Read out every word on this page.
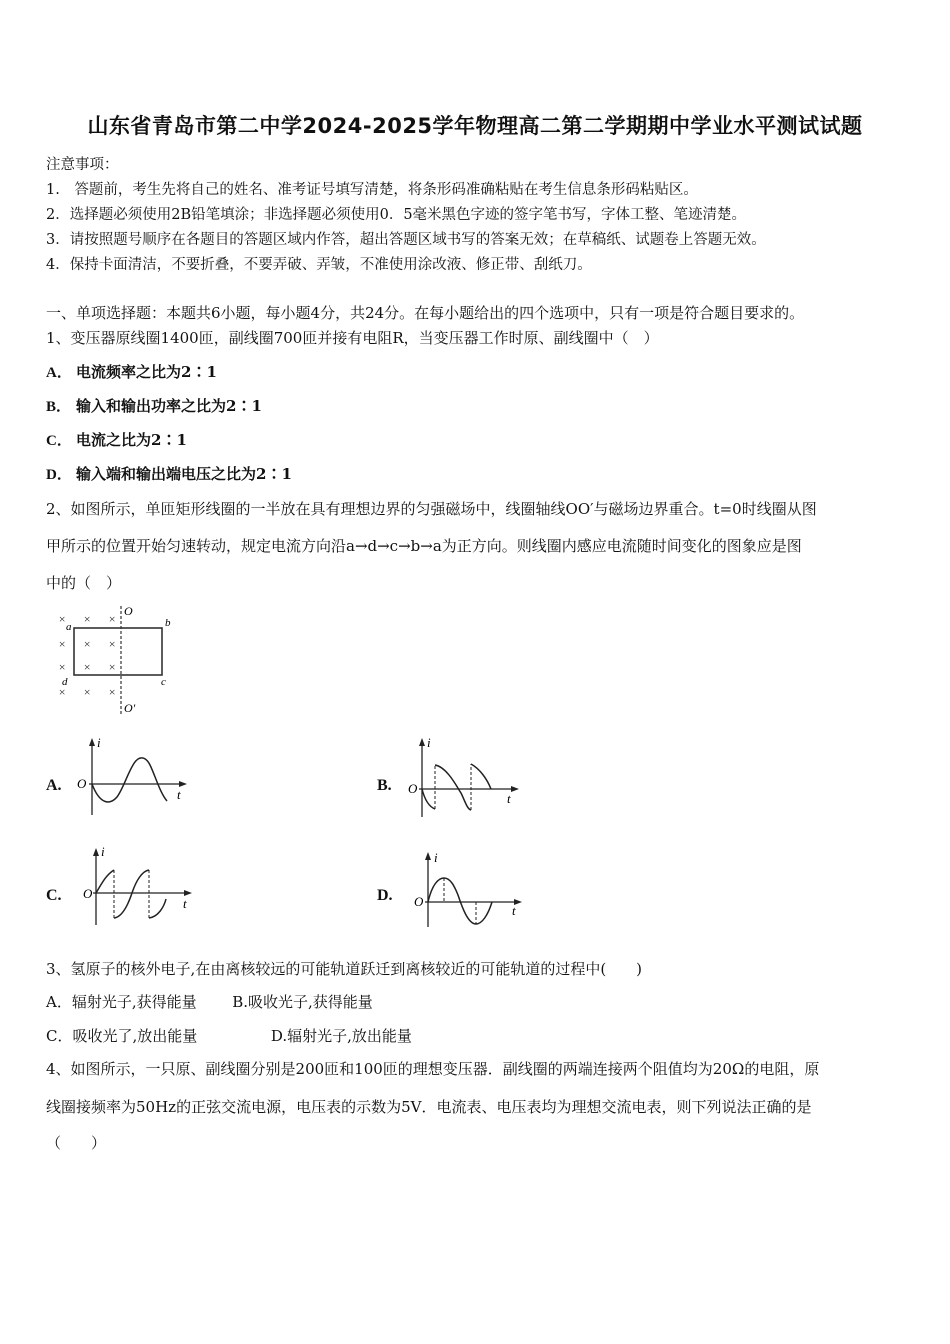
山东省青岛市第二中学2024-2025学年物理高二第二学期期中学业水平测试试题
注意事项：
1.　答题前，考生先将自己的姓名、准考证号填写清楚，将条形码准确粘贴在考生信息条形码粘贴区。
2．选择题必须使用2B铅笔填涂；非选择题必须使用0．5毫米黑色字迹的签字笔书写，字体工整、笔迹清楚。
3．请按照题号顺序在各题目的答题区域内作答，超出答题区域书写的答案无效；在草稿纸、试题卷上答题无效。
4．保持卡面清洁，不要折叠，不要弄破、弄皱，不准使用涂改液、修正带、刮纸刀。
一、单项选择题：本题共6小题，每小题4分，共24分。在每小题给出的四个选项中，只有一项是符合题目要求的。
1、变压器原线圈1400匝，副线圈700匝并接有电阻R，当变压器工作时原、副线圈中（　）
A． 电流频率之比为2∶1
B． 输入和输出功率之比为2∶1
C． 电流之比为2∶1
D． 输入端和输出端电压之比为2∶1
2、如图所示，单匝矩形线圈的一半放在具有理想边界的匀强磁场中，线圈轴线OO′与磁场边界重合。t=0时线圈从图
甲所示的位置开始匀速转动，规定电流方向沿a→d→c→b→a为正方向。则线圈内感应电流随时间变化的图象应是图
中的（　）
× × ×
× × ×
× × ×
× × ×
a	b
c
d
O
O′
A.
i
O
t
B.
i
O
t
C.
i
O
t	D.
i
O
t
3、氢原子的核外电子,在由离核较远的可能轨道跃迁到离核较近的可能轨道的过程中(　　)
A．辐射光子,获得能量 B.吸收光子,获得能量
C．吸收光了,放出能量	D.辐射光子,放出能量
4、如图所示，一只原、副线圈分别是200匝和100匝的理想变压器．副线圈的两端连接两个阻值均为20Ω的电阻，原
线圈接频率为50Hz的正弦交流电源，电压表的示数为5V．电流表、电压表均为理想交流电表，则下列说法正确的是
（　　）
